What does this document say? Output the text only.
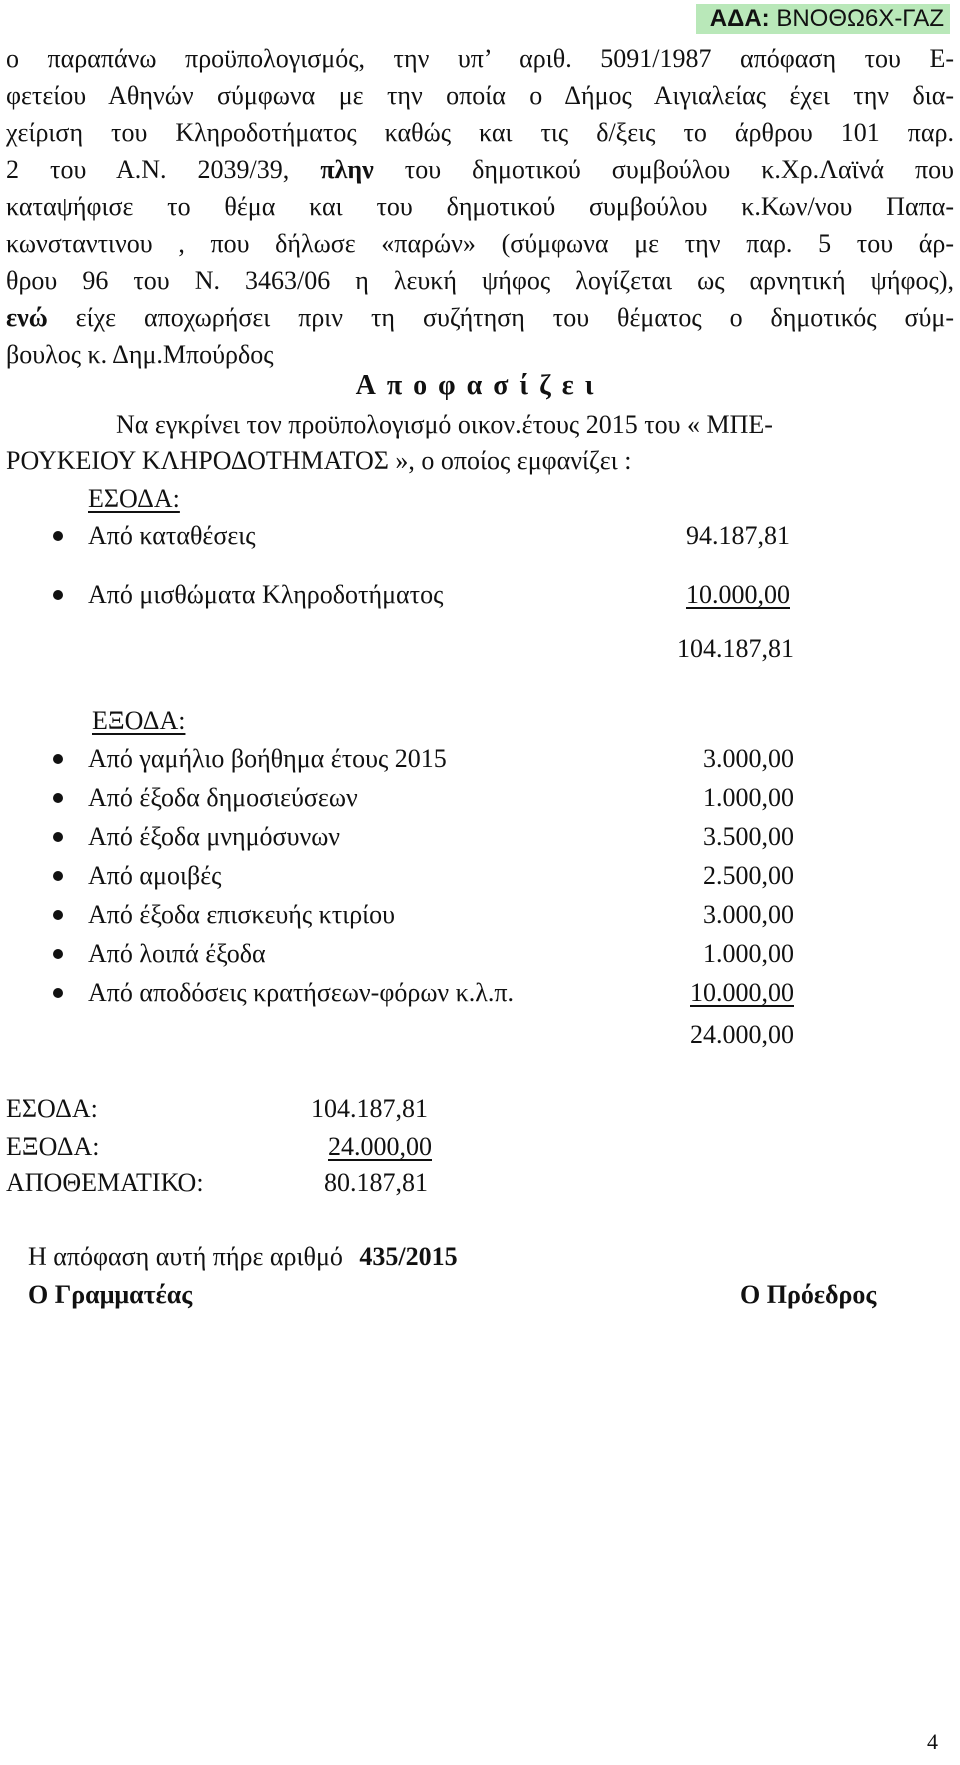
ΑΔΑ: ΒΝΟΘΩ6Χ-ΓΑΖ
ο παραπάνω προϋπολογισμός, την υπ’ αριθ. 5091/1987 απόφαση του Ε-
φετείου Αθηνών σύμφωνα με την οποία ο Δήμος Αιγιαλείας έχει την δια-
χείριση του Κληροδοτήματος καθώς και τις δ/ξεις το άρθρου 101 παρ.
2 του Α.Ν. 2039/39, πλην του δημοτικού συμβούλου κ.Χρ.Λαϊνά που
καταψήφισε το θέμα και του δημοτικού συμβούλου κ.Κων/νου Παπα-
κωνσταντινου , που δήλωσε «παρών» (σύμφωνα με την παρ. 5 του άρ-
θρου 96 του Ν. 3463/06 η λευκή ψήφος λογίζεται ως αρνητική ψήφος),
ενώ είχε αποχωρήσει πριν τη συζήτηση του θέματος ο δημοτικός σύμ-
βουλος κ. Δημ.Μπούρδος
Αποφασίζει
Να εγκρίνει τον προϋπολογισμό οικον.έτους 2015 του « ΜΠΕ-
ΡΟΥΚΕΙΟΥ ΚΛΗΡΟΔΟΤΗΜΑΤΟΣ », ο οποίος εμφανίζει :
ΕΣΟΔΑ:
Από καταθέσεις	94.187,81
Από μισθώματα Κληροδοτήματος	10.000,00
104.187,81
ΕΞΟΔΑ:
Από γαμήλιο βοήθημα έτους 2015	3.000,00
Από έξοδα δημοσιεύσεων	1.000,00
Από έξοδα μνημόσυνων	3.500,00
Από αμοιβές	2.500,00
Από έξοδα επισκευής κτιρίου	3.000,00
Από λοιπά έξοδα	1.000,00
Από αποδόσεις κρατήσεων-φόρων κ.λ.π.	10.000,00
24.000,00
ΕΣΟΔΑ:	104.187,81
ΕΞΟΔΑ:	24.000,00
ΑΠΟΘΕΜΑΤΙΚΟ:	80.187,81
Η απόφαση αυτή πήρε αριθμό 435/2015
Ο Γραμματέας	Ο Πρόεδρος
4
